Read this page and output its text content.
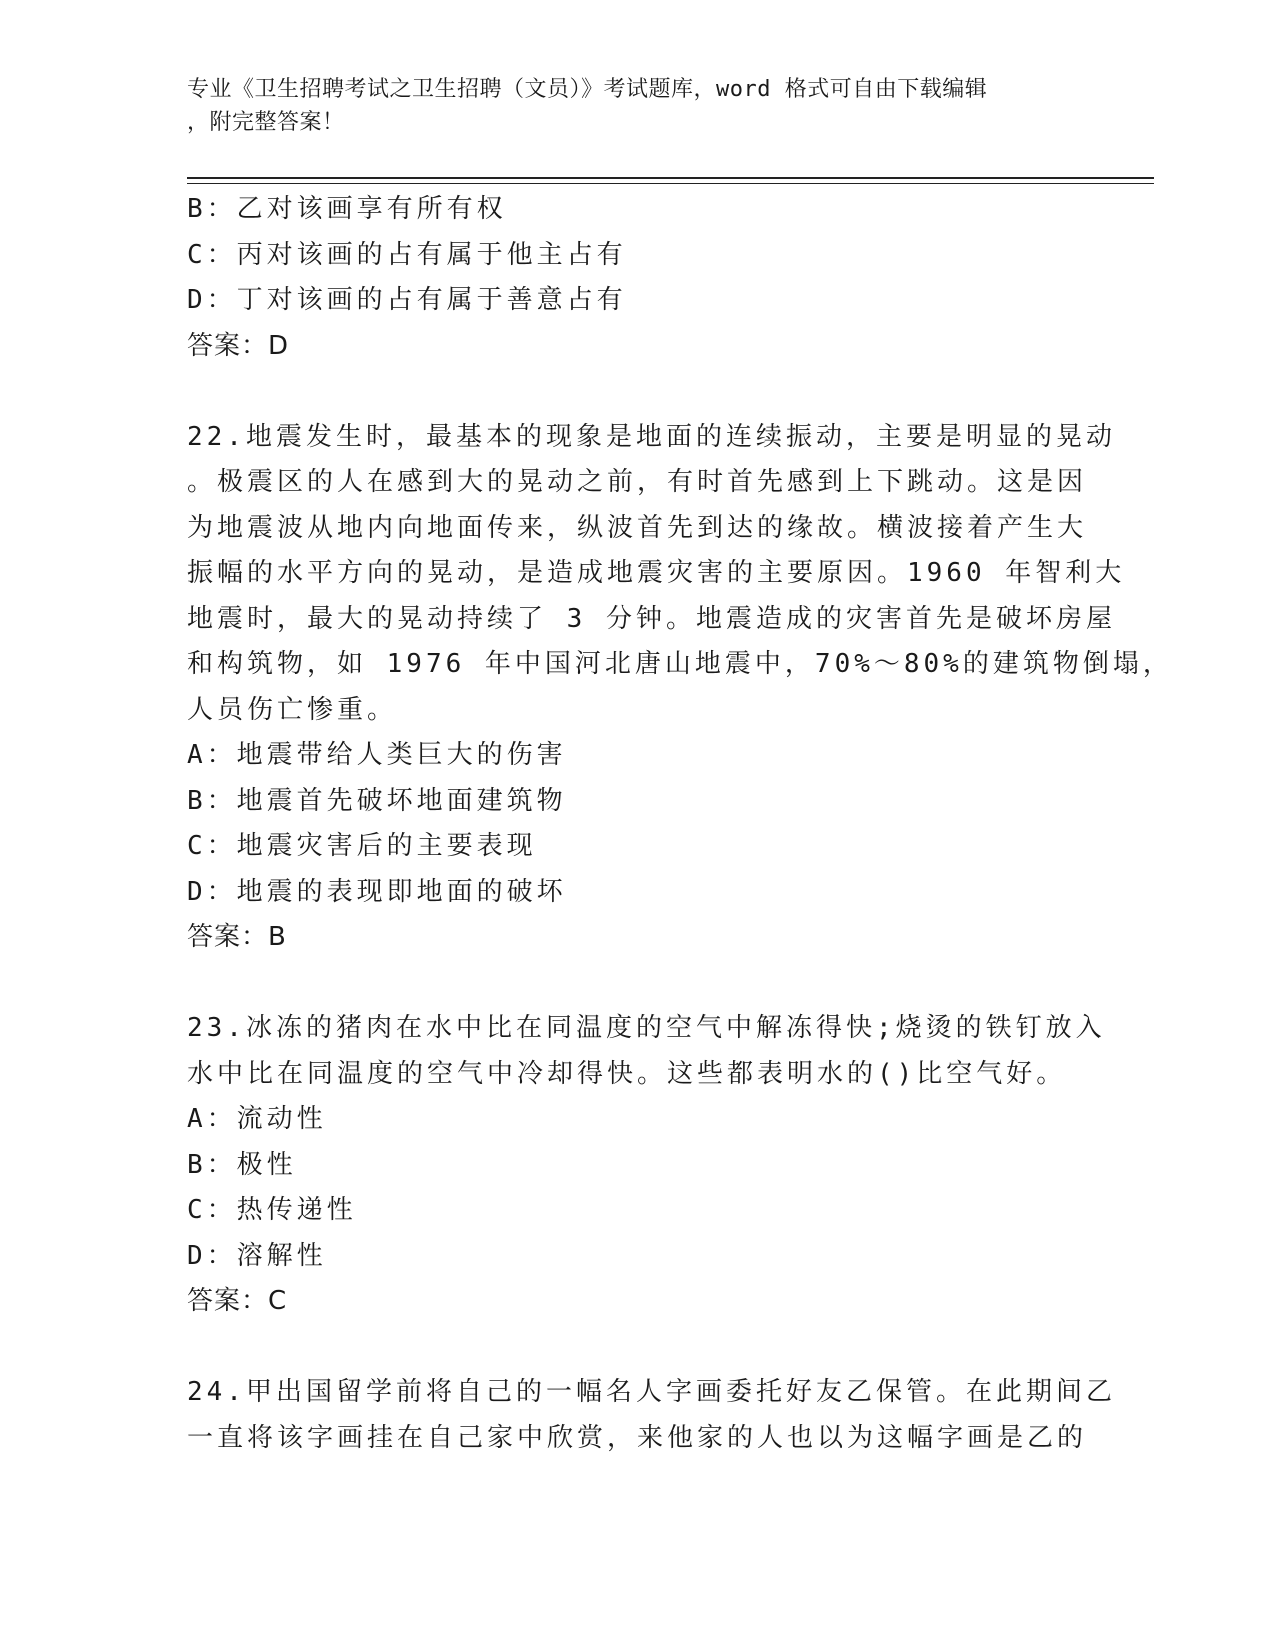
专业《卫生招聘考试之卫生招聘（文员）》考试题库，word 格式可自由下载编辑
，附完整答案！
B：乙对该画享有所有权
C：丙对该画的占有属于他主占有
D：丁对该画的占有属于善意占有
答案：D
22.地震发生时，最基本的现象是地面的连续振动，主要是明显的晃动
。极震区的人在感到大的晃动之前，有时首先感到上下跳动。这是因
为地震波从地内向地面传来，纵波首先到达的缘故。横波接着产生大
振幅的水平方向的晃动，是造成地震灾害的主要原因。1960 年智利大
地震时，最大的晃动持续了 3 分钟。地震造成的灾害首先是破坏房屋
和构筑物，如 1976 年中国河北唐山地震中，70%～80%的建筑物倒塌，
人员伤亡惨重。
A：地震带给人类巨大的伤害
B：地震首先破坏地面建筑物
C：地震灾害后的主要表现
D：地震的表现即地面的破坏
答案：B
23.冰冻的猪肉在水中比在同温度的空气中解冻得快;烧烫的铁钉放入
水中比在同温度的空气中冷却得快。这些都表明水的()比空气好。
A：流动性
B：极性
C：热传递性
D：溶解性
答案：C
24.甲出国留学前将自己的一幅名人字画委托好友乙保管。在此期间乙
一直将该字画挂在自己家中欣赏，来他家的人也以为这幅字画是乙的
